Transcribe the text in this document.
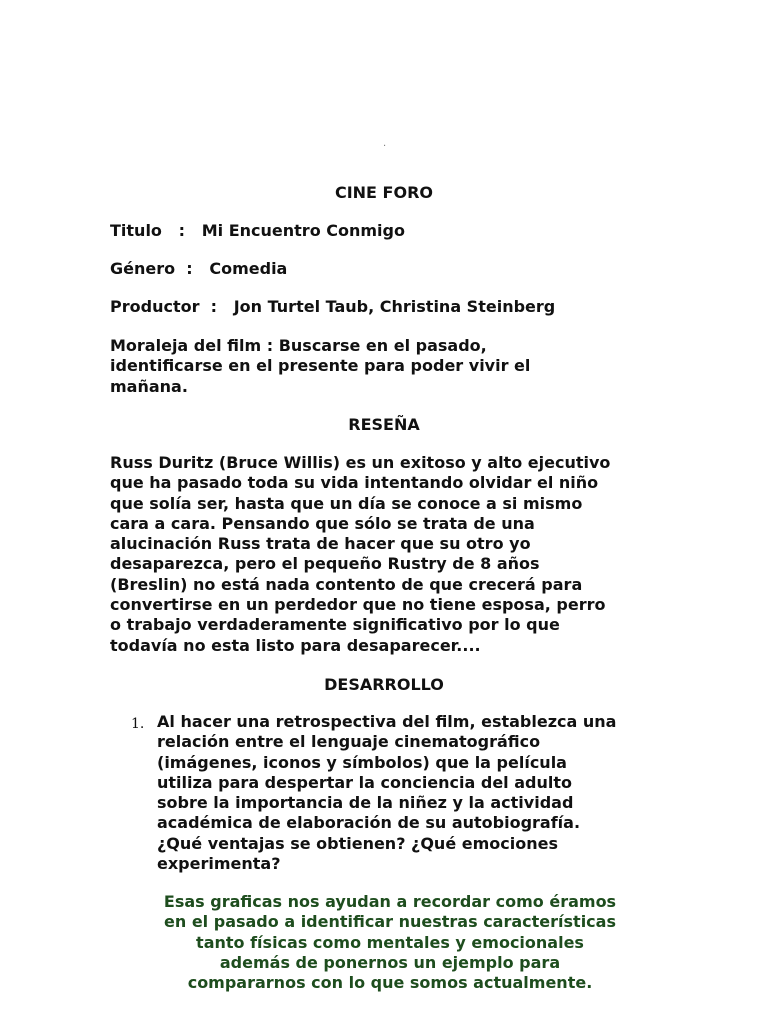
.
CINE FORO
Titulo   :   Mi Encuentro Conmigo
Género  :   Comedia
Productor  :   Jon Turtel Taub, Christina Steinberg
Moraleja del film : Buscarse en el pasado,
identificarse en el presente para poder vivir el
mañana.
RESEÑA
Russ Duritz (Bruce Willis) es un exitoso y alto ejecutivo
que ha pasado toda su vida intentando olvidar el niño
que solía ser, hasta que un día se conoce a si mismo
cara a cara. Pensando que sólo se trata de una
alucinación Russ trata de hacer que su otro yo
desaparezca, pero el pequeño Rustry de 8 años
(Breslin) no está nada contento de que crecerá para
convertirse en un perdedor que no tiene esposa, perro
o trabajo verdaderamente significativo por lo que
todavía no esta listo para desaparecer....
DESARROLLO
1. Al hacer una retrospectiva del film, establezca una
relación entre el lenguaje cinematográfico
(imágenes, iconos y símbolos) que la película
utiliza para despertar la conciencia del adulto
sobre la importancia de la niñez y la actividad
académica de elaboración de su autobiografía.
¿Qué ventajas se obtienen? ¿Qué emociones
experimenta?
Esas graficas nos ayudan a recordar como éramos
en el pasado a identificar nuestras características
tanto físicas como mentales y emocionales
además de ponernos un ejemplo para
compararnos con lo que somos actualmente.
